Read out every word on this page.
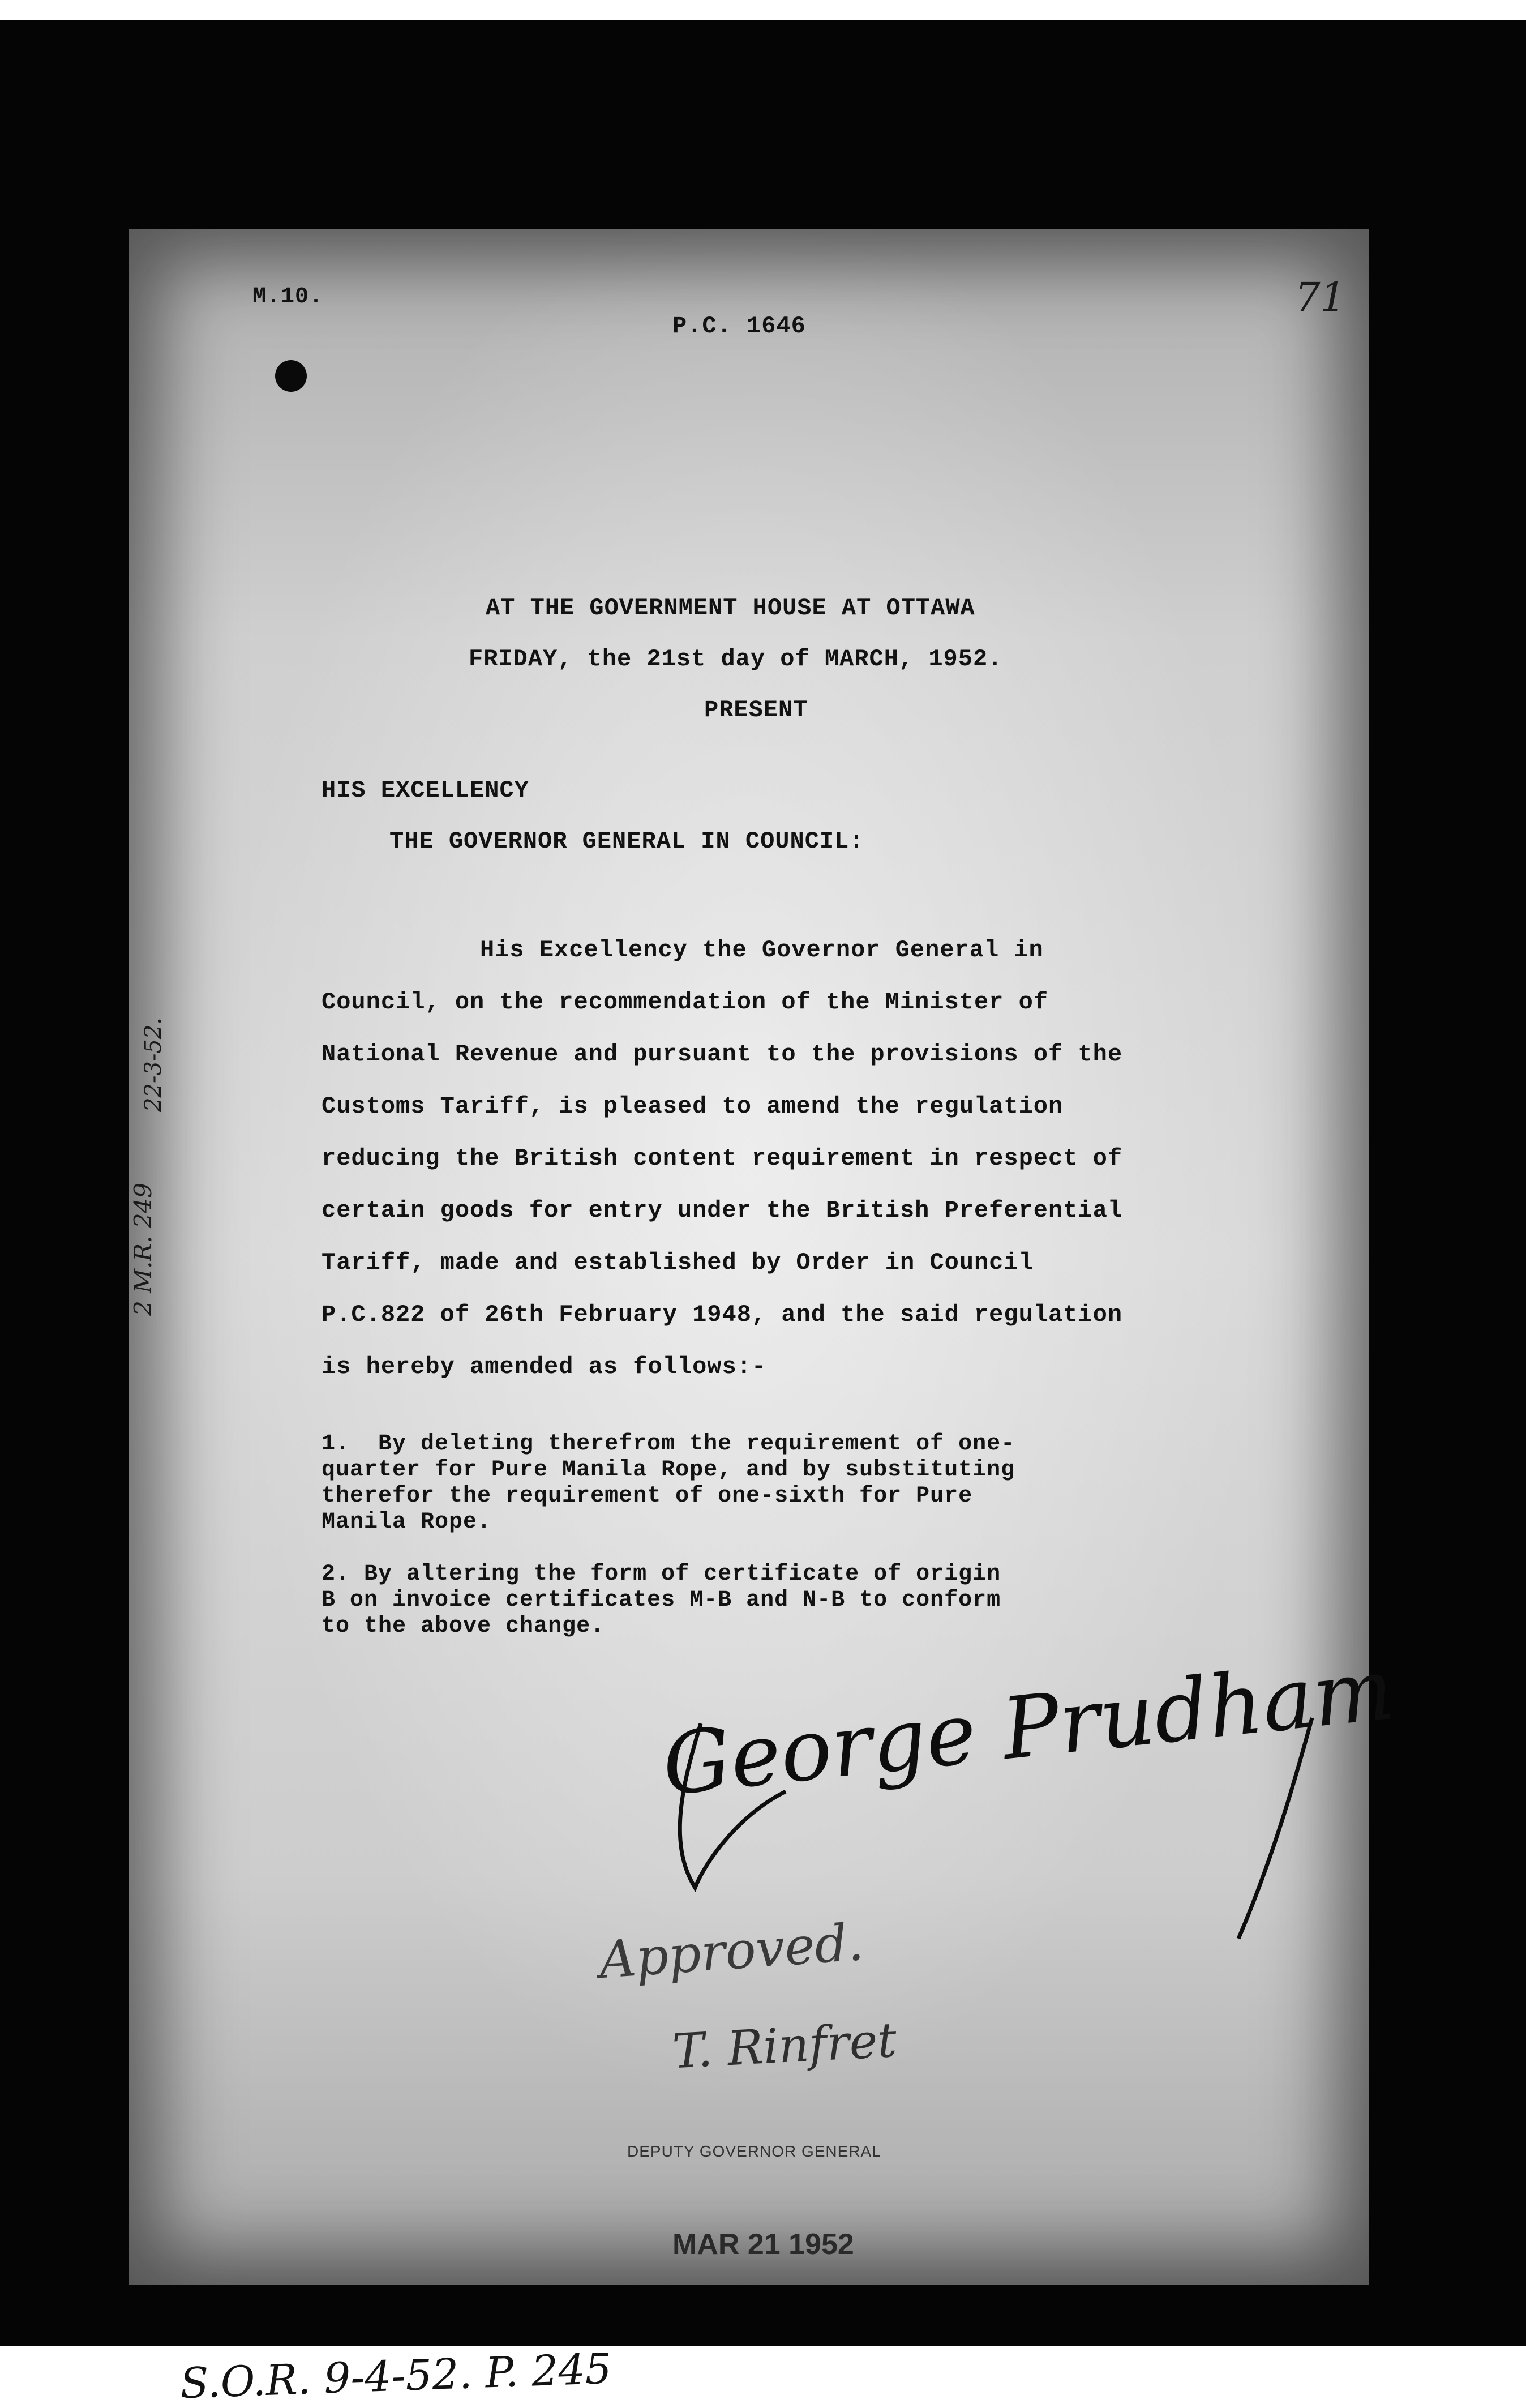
M.10.
P.C. 1646
71
AT THE GOVERNMENT HOUSE AT OTTAWA
FRIDAY, the 21st day of MARCH, 1952.
PRESENT
HIS EXCELLENCY
THE GOVERNOR GENERAL IN COUNCIL:
His Excellency the Governor General in
Council, on the recommendation of the Minister of
National Revenue and pursuant to the provisions of the
Customs Tariff, is pleased to amend the regulation
reducing the British content requirement in respect of
certain goods for entry under the British Preferential
Tariff, made and established by Order in Council
P.C.822 of 26th February 1948, and the said regulation
is hereby amended as follows:-
1.  By deleting therefrom the requirement of one-
quarter for Pure Manila Rope, and by substituting
therefor the requirement of one-sixth for Pure
Manila Rope.
2. By altering the form of certificate of origin
B on invoice certificates M-B and N-B to conform
to the above change.
22-3-52.
2 M.R. 249
George Prudham
Approved.
T. Rinfret
DEPUTY GOVERNOR GENERAL
MAR 21 1952
S.O.R. 9-4-52. P. 245
